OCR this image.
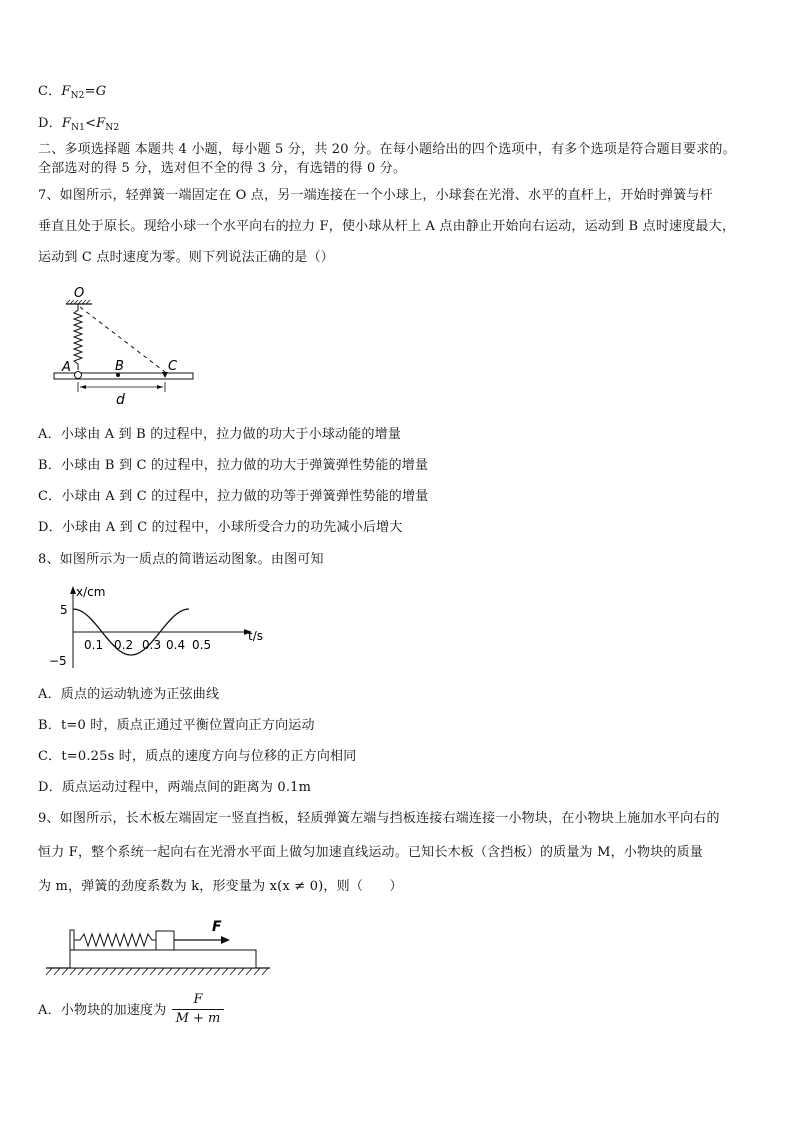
C．$F_{N2}=G$
D．$F_{N1}<F_{N2}$
二、多项选择题 本题共 4 小题，每小题 5 分，共 20 分。在每小题给出的四个选项中，有多个选项是符合题目要求的。
全部选对的得 5 分，选对但不全的得 3 分，有选错的得 0 分。
7、如图所示，轻弹簧一端固定在 O 点，另一端连接在一个小球上，小球套在光滑、水平的直杆上，开始时弹簧与杆
垂直且处于原长。现给小球一个水平向右的拉力 F，使小球从杆上 A 点由静止开始向右运动，运动到 B 点时速度最大，
运动到 C 点时速度为零。则下列说法正确的是（）
O
A	B	C
d
A．小球由 A 到 B 的过程中，拉力做的功大于小球动能的增量
B．小球由 B 到 C 的过程中，拉力做的功大于弹簧弹性势能的增量
C．小球由 A 到 C 的过程中，拉力做的功等于弹簧弹性势能的增量
D．小球由 A 到 C 的过程中，小球所受合力的功先减小后增大
8、如图所示为一质点的简谐运动图象。由图可知
x/cm
t/s
5
−5
0.1 0.2 0.3 0.4 0.5
A．质点的运动轨迹为正弦曲线
B．t=0 时，质点正通过平衡位置向正方向运动
C．t=0.25s 时，质点的速度方向与位移的正方向相同
D．质点运动过程中，两端点间的距离为 0.1m
9、如图所示，长木板左端固定一竖直挡板，轻质弹簧左端与挡板连接右端连接一小物块，在小物块上施加水平向右的
恒力 F，整个系统一起向右在光滑水平面上做匀加速直线运动。已知长木板（含挡板）的质量为 M，小物块的质量
为 m，弹簧的劲度系数为 k，形变量为 x(x ≠ 0)，则（　　）
F
A．小物块的加速度为
F
M + m
